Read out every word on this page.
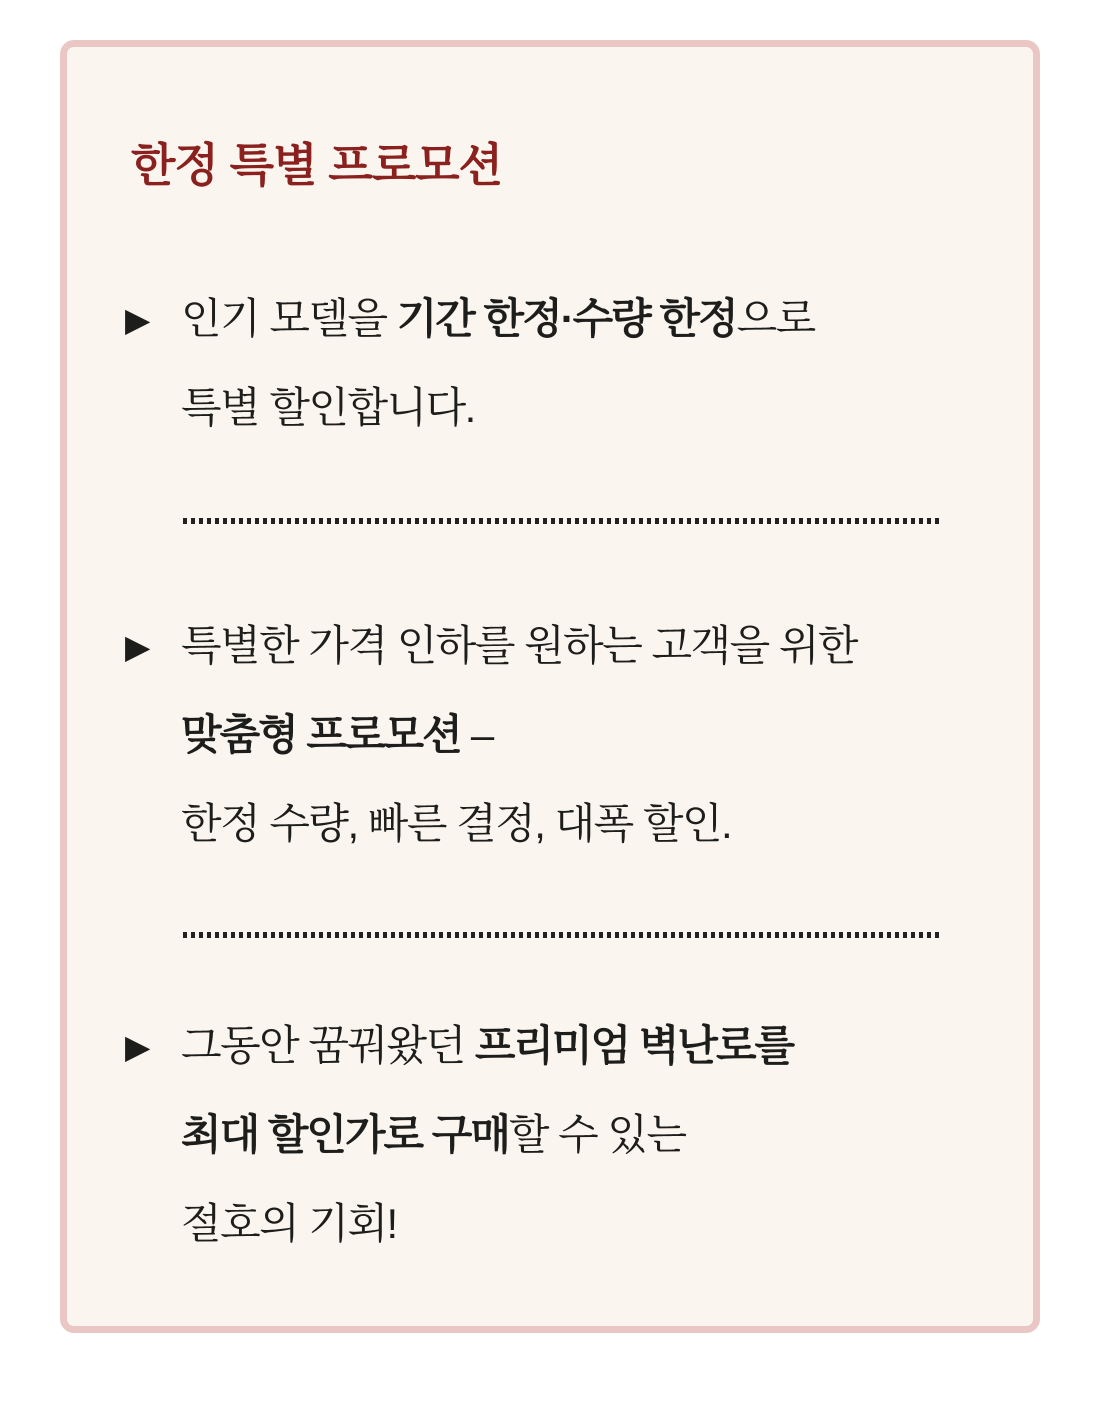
한정 특별 프로모션
▶ 인기 모델을 기간 한정·수량 한정으로

특별 할인합니다.

▶ 특별한 가격 인하를 원하는 고객을 위한

맞춤형 프로모션 –

한정 수량, 빠른 결정, 대폭 할인.

▶ 그동안 꿈꿔왔던 프리미엄 벽난로를

최대 할인가로 구매할 수 있는

절호의 기회!
